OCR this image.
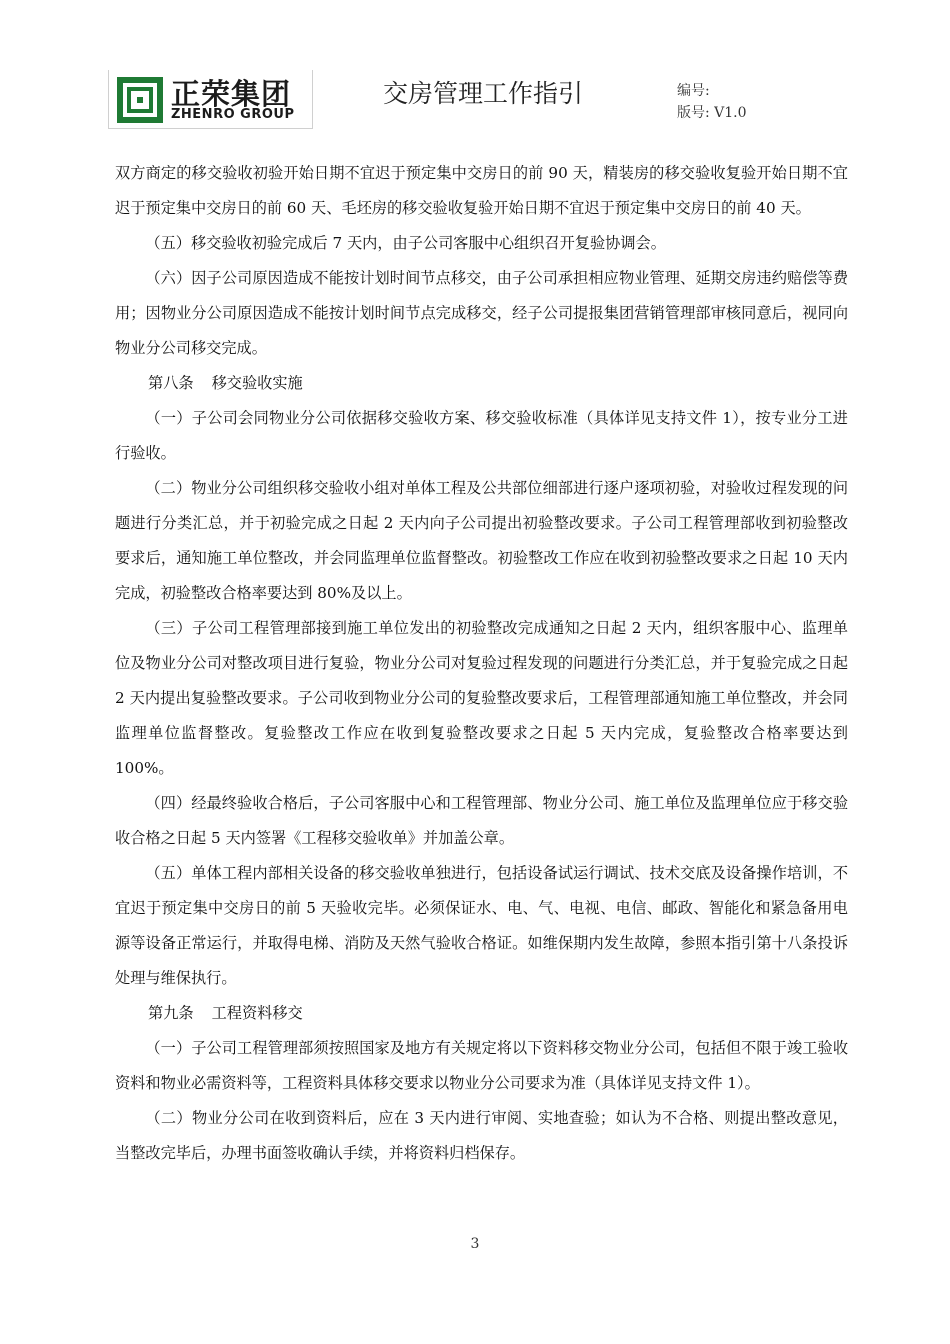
正荣集团
ZHENRO GROUP
交房管理工作指引	编号:
版号: V1.0

双方商定的移交验收初验开始日期不宜迟于预定集中交房日的前 90 天，精装房的移交验收复验开始日期不宜迟于预定集中交房日的前 60 天、毛坯房的移交验收复验开始日期不宜迟于预定集中交房日的前 40 天。

（五）移交验收初验完成后 7 天内，由子公司客服中心组织召开复验协调会。

（六）因子公司原因造成不能按计划时间节点移交，由子公司承担相应物业管理、延期交房违约赔偿等费用；因物业分公司原因造成不能按计划时间节点完成移交，经子公司提报集团营销管理部审核同意后，视同向物业分公司移交完成。

第八条 移交验收实施

（一）子公司会同物业分公司依据移交验收方案、移交验收标准（具体详见支持文件 1），按专业分工进行验收。

（二）物业分公司组织移交验收小组对单体工程及公共部位细部进行逐户逐项初验，对验收过程发现的问题进行分类汇总，并于初验完成之日起 2 天内向子公司提出初验整改要求。子公司工程管理部收到初验整改要求后，通知施工单位整改，并会同监理单位监督整改。初验整改工作应在收到初验整改要求之日起 10 天内完成，初验整改合格率要达到 80%及以上。

（三）子公司工程管理部接到施工单位发出的初验整改完成通知之日起 2 天内，组织客服中心、监理单位及物业分公司对整改项目进行复验，物业分公司对复验过程发现的问题进行分类汇总，并于复验完成之日起 2 天内提出复验整改要求。子公司收到物业分公司的复验整改要求后，工程管理部通知施工单位整改，并会同监理单位监督整改。复验整改工作应在收到复验整改要求之日起 5 天内完成，复验整改合格率要达到 100%。

（四）经最终验收合格后，子公司客服中心和工程管理部、物业分公司、施工单位及监理单位应于移交验收合格之日起 5 天内签署《工程移交验收单》并加盖公章。

（五）单体工程内部相关设备的移交验收单独进行，包括设备试运行调试、技术交底及设备操作培训，不宜迟于预定集中交房日的前 5 天验收完毕。必须保证水、电、气、电视、电信、邮政、智能化和紧急备用电源等设备正常运行，并取得电梯、消防及天然气验收合格证。如维保期内发生故障，参照本指引第十八条投诉处理与维保执行。

第九条 工程资料移交

（一）子公司工程管理部须按照国家及地方有关规定将以下资料移交物业分公司，包括但不限于竣工验收资料和物业必需资料等，工程资料具体移交要求以物业分公司要求为准（具体详见支持文件 1）。

（二）物业分公司在收到资料后，应在 3 天内进行审阅、实地查验；如认为不合格、则提出整改意见，当整改完毕后，办理书面签收确认手续，并将资料归档保存。

3
